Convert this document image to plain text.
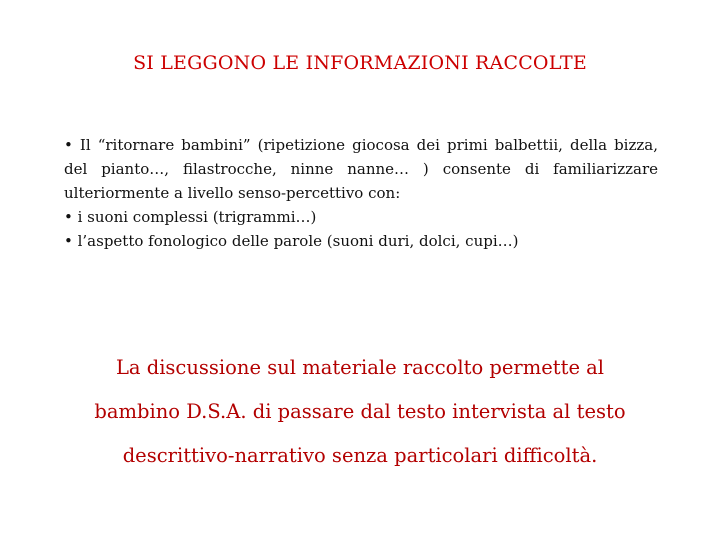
SI LEGGONO LE INFORMAZIONI RACCOLTE

• Il “ritornare bambini” (ripetizione giocosa dei primi balbettii, della bizza, del pianto…, filastrocche, ninne nanne… ) consente di familiarizzare ulteriormente a livello senso-percettivo con:

• i suoni complessi (trigrammi…)

• l’aspetto fonologico delle parole (suoni duri, dolci, cupi…)

La discussione sul materiale raccolto permette al
bambino D.S.A. di passare dal testo intervista al testo
descrittivo-narrativo senza particolari difficoltà.
